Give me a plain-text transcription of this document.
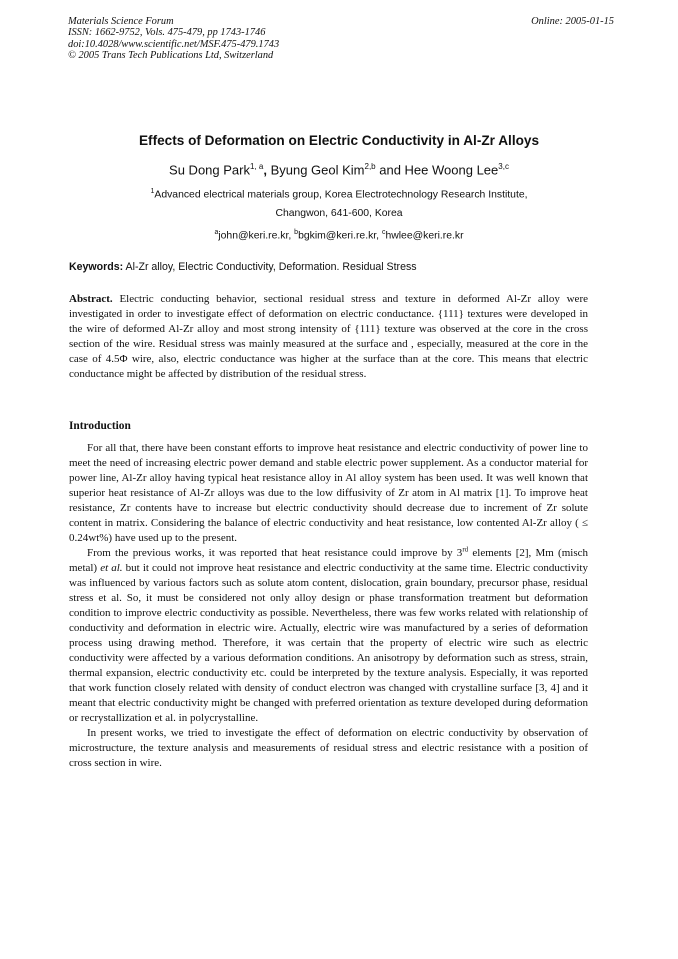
Materials Science Forum
ISSN: 1662-9752, Vols. 475-479, pp 1743-1746
doi:10.4028/www.scientific.net/MSF.475-479.1743
© 2005 Trans Tech Publications Ltd, Switzerland
Online: 2005-01-15
Effects of Deformation on Electric Conductivity in Al-Zr Alloys
Su Dong Park$^{1, a}$, Byung Geol Kim$^{2,b}$ and Hee Woong Lee$^{3,c}$
$^1$Advanced electrical materials group, Korea Electrotechnology Research Institute,
Changwon, 641-600, Korea
$^a$john@keri.re.kr, $^b$bgkim@keri.re.kr, $^c$hwlee@keri.re.kr
Keywords: Al-Zr alloy, Electric Conductivity, Deformation. Residual Stress

Abstract. Electric conducting behavior, sectional residual stress and texture in deformed Al-Zr alloy were investigated in order to investigate effect of deformation on electric conductance. {111} textures were developed in the wire of deformed Al-Zr alloy and most strong intensity of {111} texture was observed at the core in the cross section of the wire. Residual stress was mainly measured at the surface and , especially, measured at the core in the case of 4.5Φ wire, also, electric conductance was higher at the surface than at the core. This means that electric conductance might be affected by distribution of the residual stress.

Introduction

For all that, there have been constant efforts to improve heat resistance and electric conductivity of power line to meet the need of increasing electric power demand and stable electric power supplement. As a conductor material for power line, Al-Zr alloy having typical heat resistance alloy in Al alloy system has been used. It was well known that superior heat resistance of Al-Zr alloys was due to the low diffusivity of Zr atom in Al matrix [1]. To improve heat resistance, Zr contents have to increase but electric conductivity should decrease due to increment of Zr solute content in matrix. Considering the balance of electric conductivity and heat resistance, low contented Al-Zr alloy ( ≤ 0.24wt%) have used up to the present.

From the previous works, it was reported that heat resistance could improve by 3rd elements [2], Mm (misch metal) et al. but it could not improve heat resistance and electric conductivity at the same time. Electric conductivity was influenced by various factors such as solute atom content, dislocation, grain boundary, precursor phase, residual stress et al. So, it must be considered not only alloy design or phase transformation treatment but deformation condition to improve electric conductivity as possible. Nevertheless, there was few works related with relationship of conductivity and deformation in electric wire. Actually, electric wire was manufactured by a series of deformation process using drawing method. Therefore, it was certain that the property of electric wire such as electric conductivity were affected by a various deformation conditions. An anisotropy by deformation such as stress, strain, thermal expansion, electric conductivity etc. could be interpreted by the texture analysis. Especially, it was reported that work function closely related with density of conduct electron was changed with crystalline surface [3, 4] and it meant that electric conductivity might be changed with preferred orientation as texture developed during deformation or recrystallization et al. in polycrystalline.

In present works, we tried to investigate the effect of deformation on electric conductivity by observation of microstructure, the texture analysis and measurements of residual stress and electric resistance with a position of cross section in wire.
